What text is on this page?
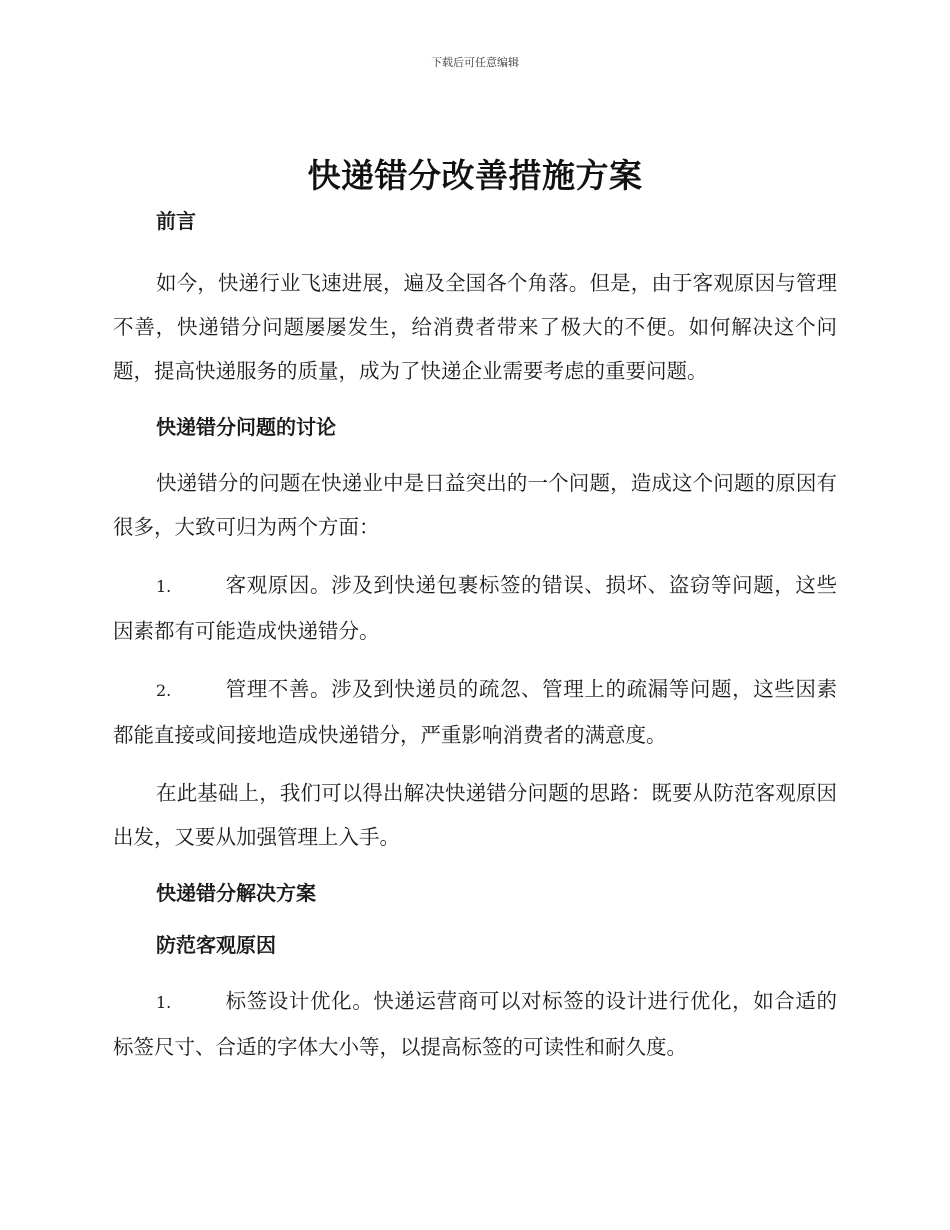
下载后可任意编辑
快递错分改善措施方案

前言

如今，快递行业飞速进展，遍及全国各个角落。但是，由于客观原因与管理不善，快递错分问题屡屡发生，给消费者带来了极大的不便。如何解决这个问题，提高快递服务的质量，成为了快递企业需要考虑的重要问题。

快递错分问题的讨论

快递错分的问题在快递业中是日益突出的一个问题，造成这个问题的原因有很多，大致可归为两个方面：

1.	客观原因。涉及到快递包裹标签的错误、损坏、盗窃等问题，这些因素都有可能造成快递错分。

2.	管理不善。涉及到快递员的疏忽、管理上的疏漏等问题，这些因素都能直接或间接地造成快递错分，严重影响消费者的满意度。

在此基础上，我们可以得出解决快递错分问题的思路：既要从防范客观原因出发，又要从加强管理上入手。

快递错分解决方案

防范客观原因

1.	标签设计优化。快递运营商可以对标签的设计进行优化，如合适的标签尺寸、合适的字体大小等，以提高标签的可读性和耐久度。
